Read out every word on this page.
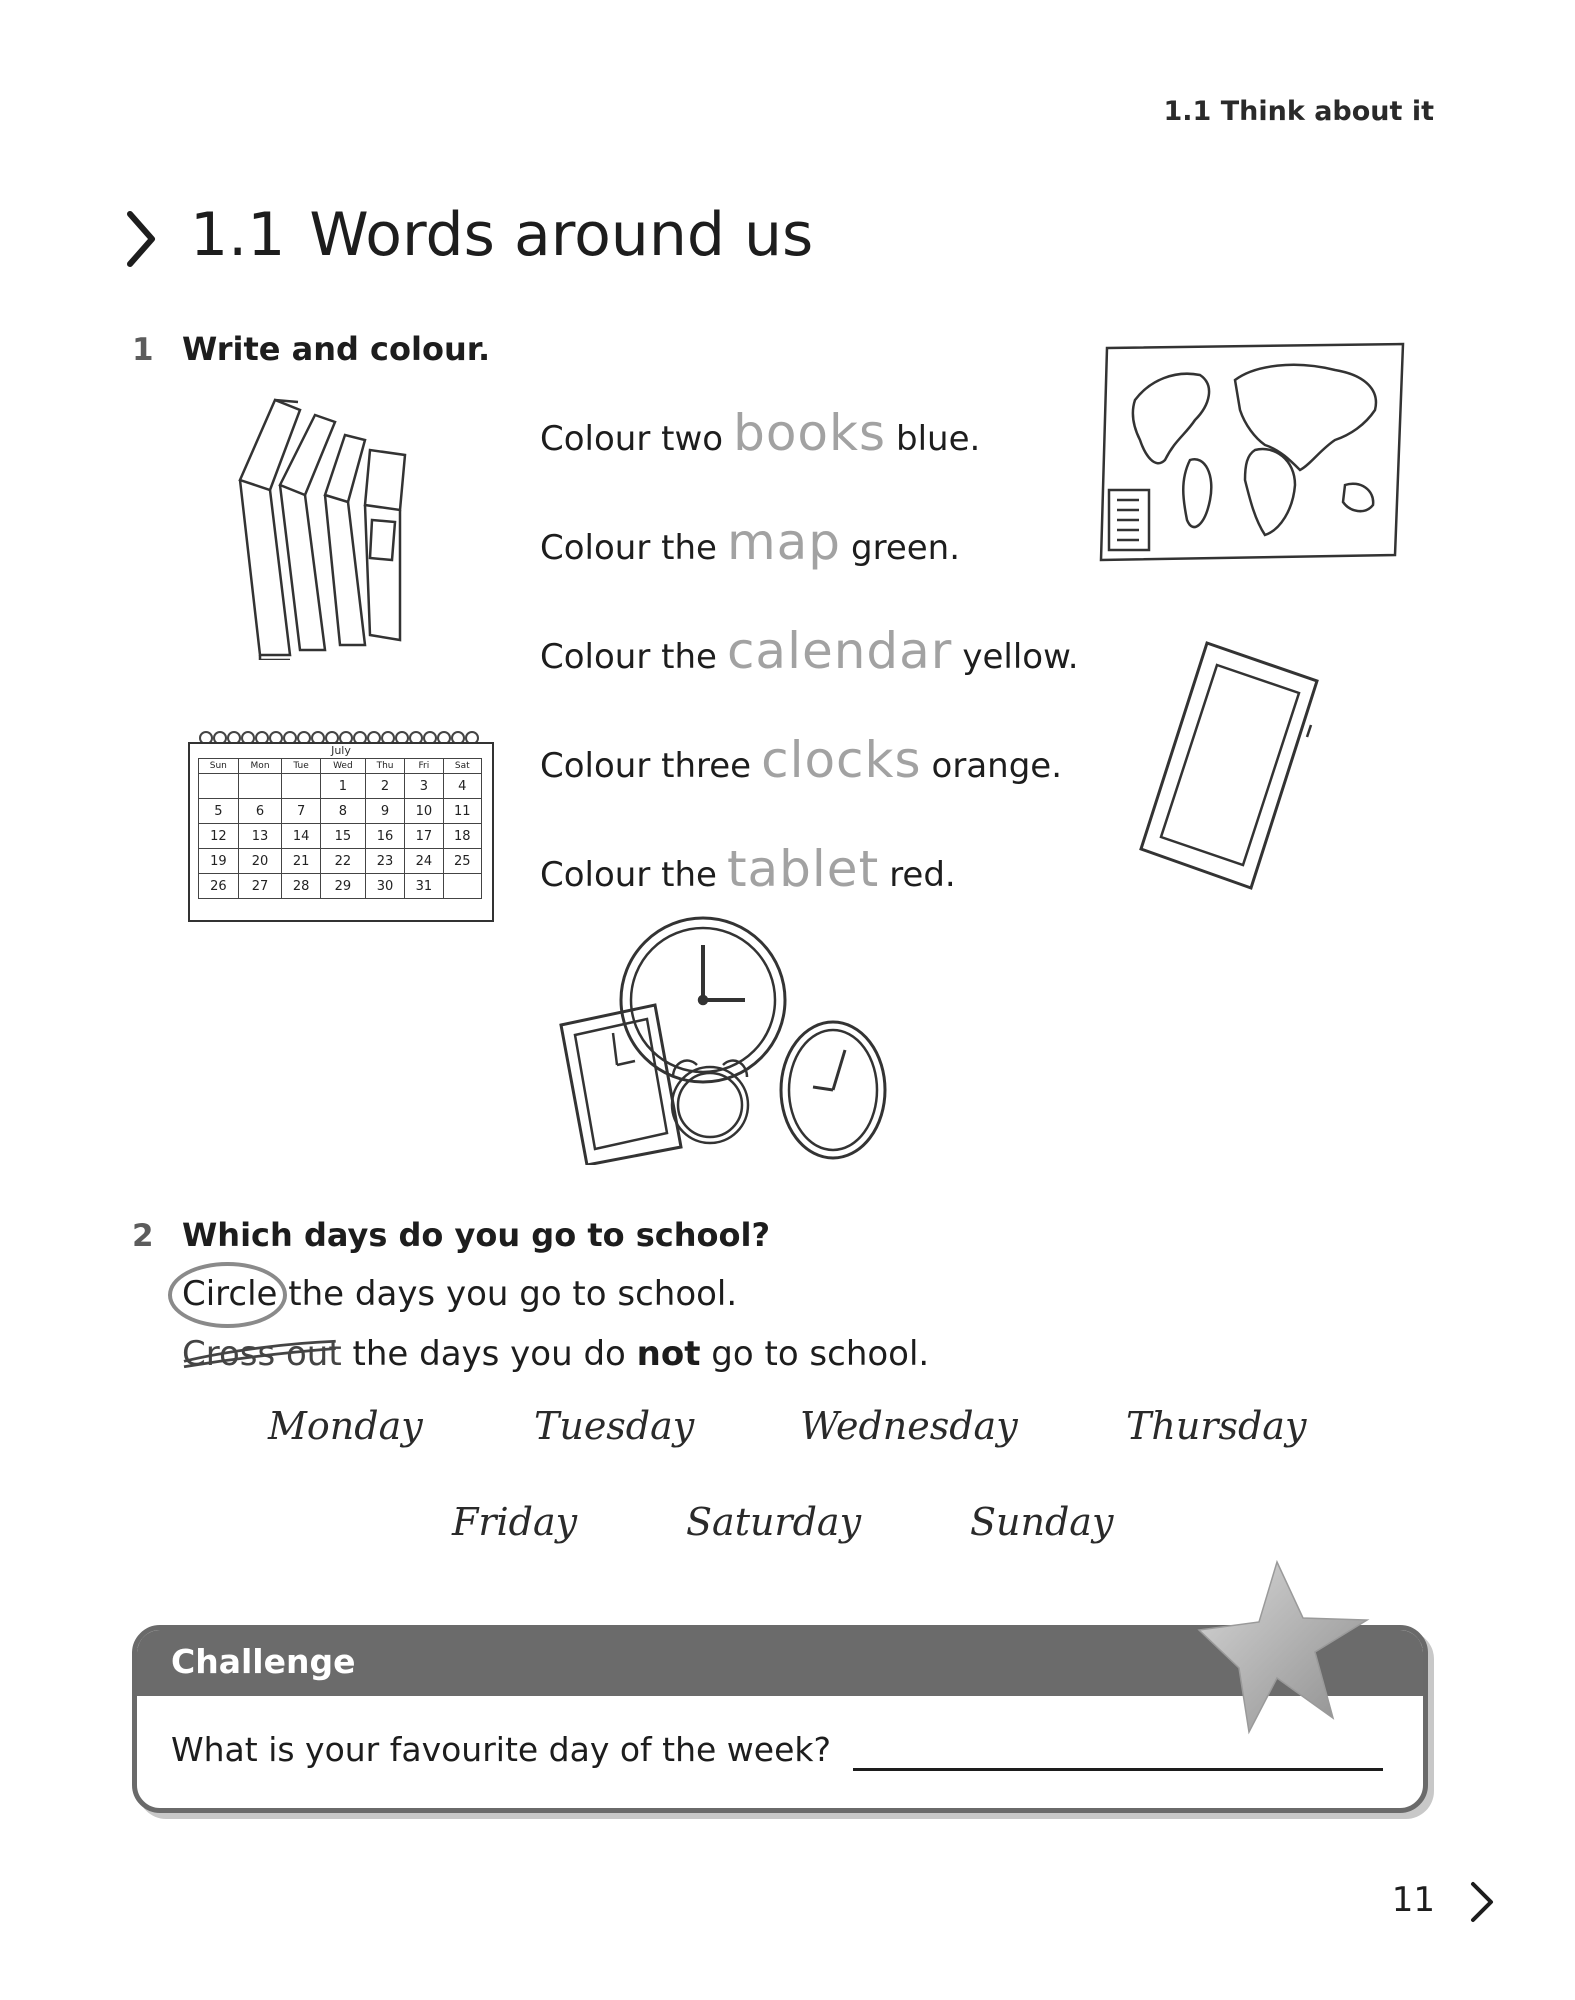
1.1 Think about it
1.1 Words around us
1 Write and colour.
July
Sun	Mon	Tue	Wed	Thu	Fri	Sat
			1	2	3	4
5	6	7	8	9	10	11
12	13	14	15	16	17	18
19	20	21	22	23	24	25
26	27	28	29	30	31	
Colour two books blue.
Colour the map green.
Colour the calendar yellow.
Colour three clocks orange.
Colour the tablet red.
2 Which days do you go to school?
Circle the days you go to school.
Cross out
the days you do not go to school.
Monday	Tuesday	Wednesday	Thursday
Friday	Saturday	Sunday
Challenge
What is your favourite day of the week?
11
